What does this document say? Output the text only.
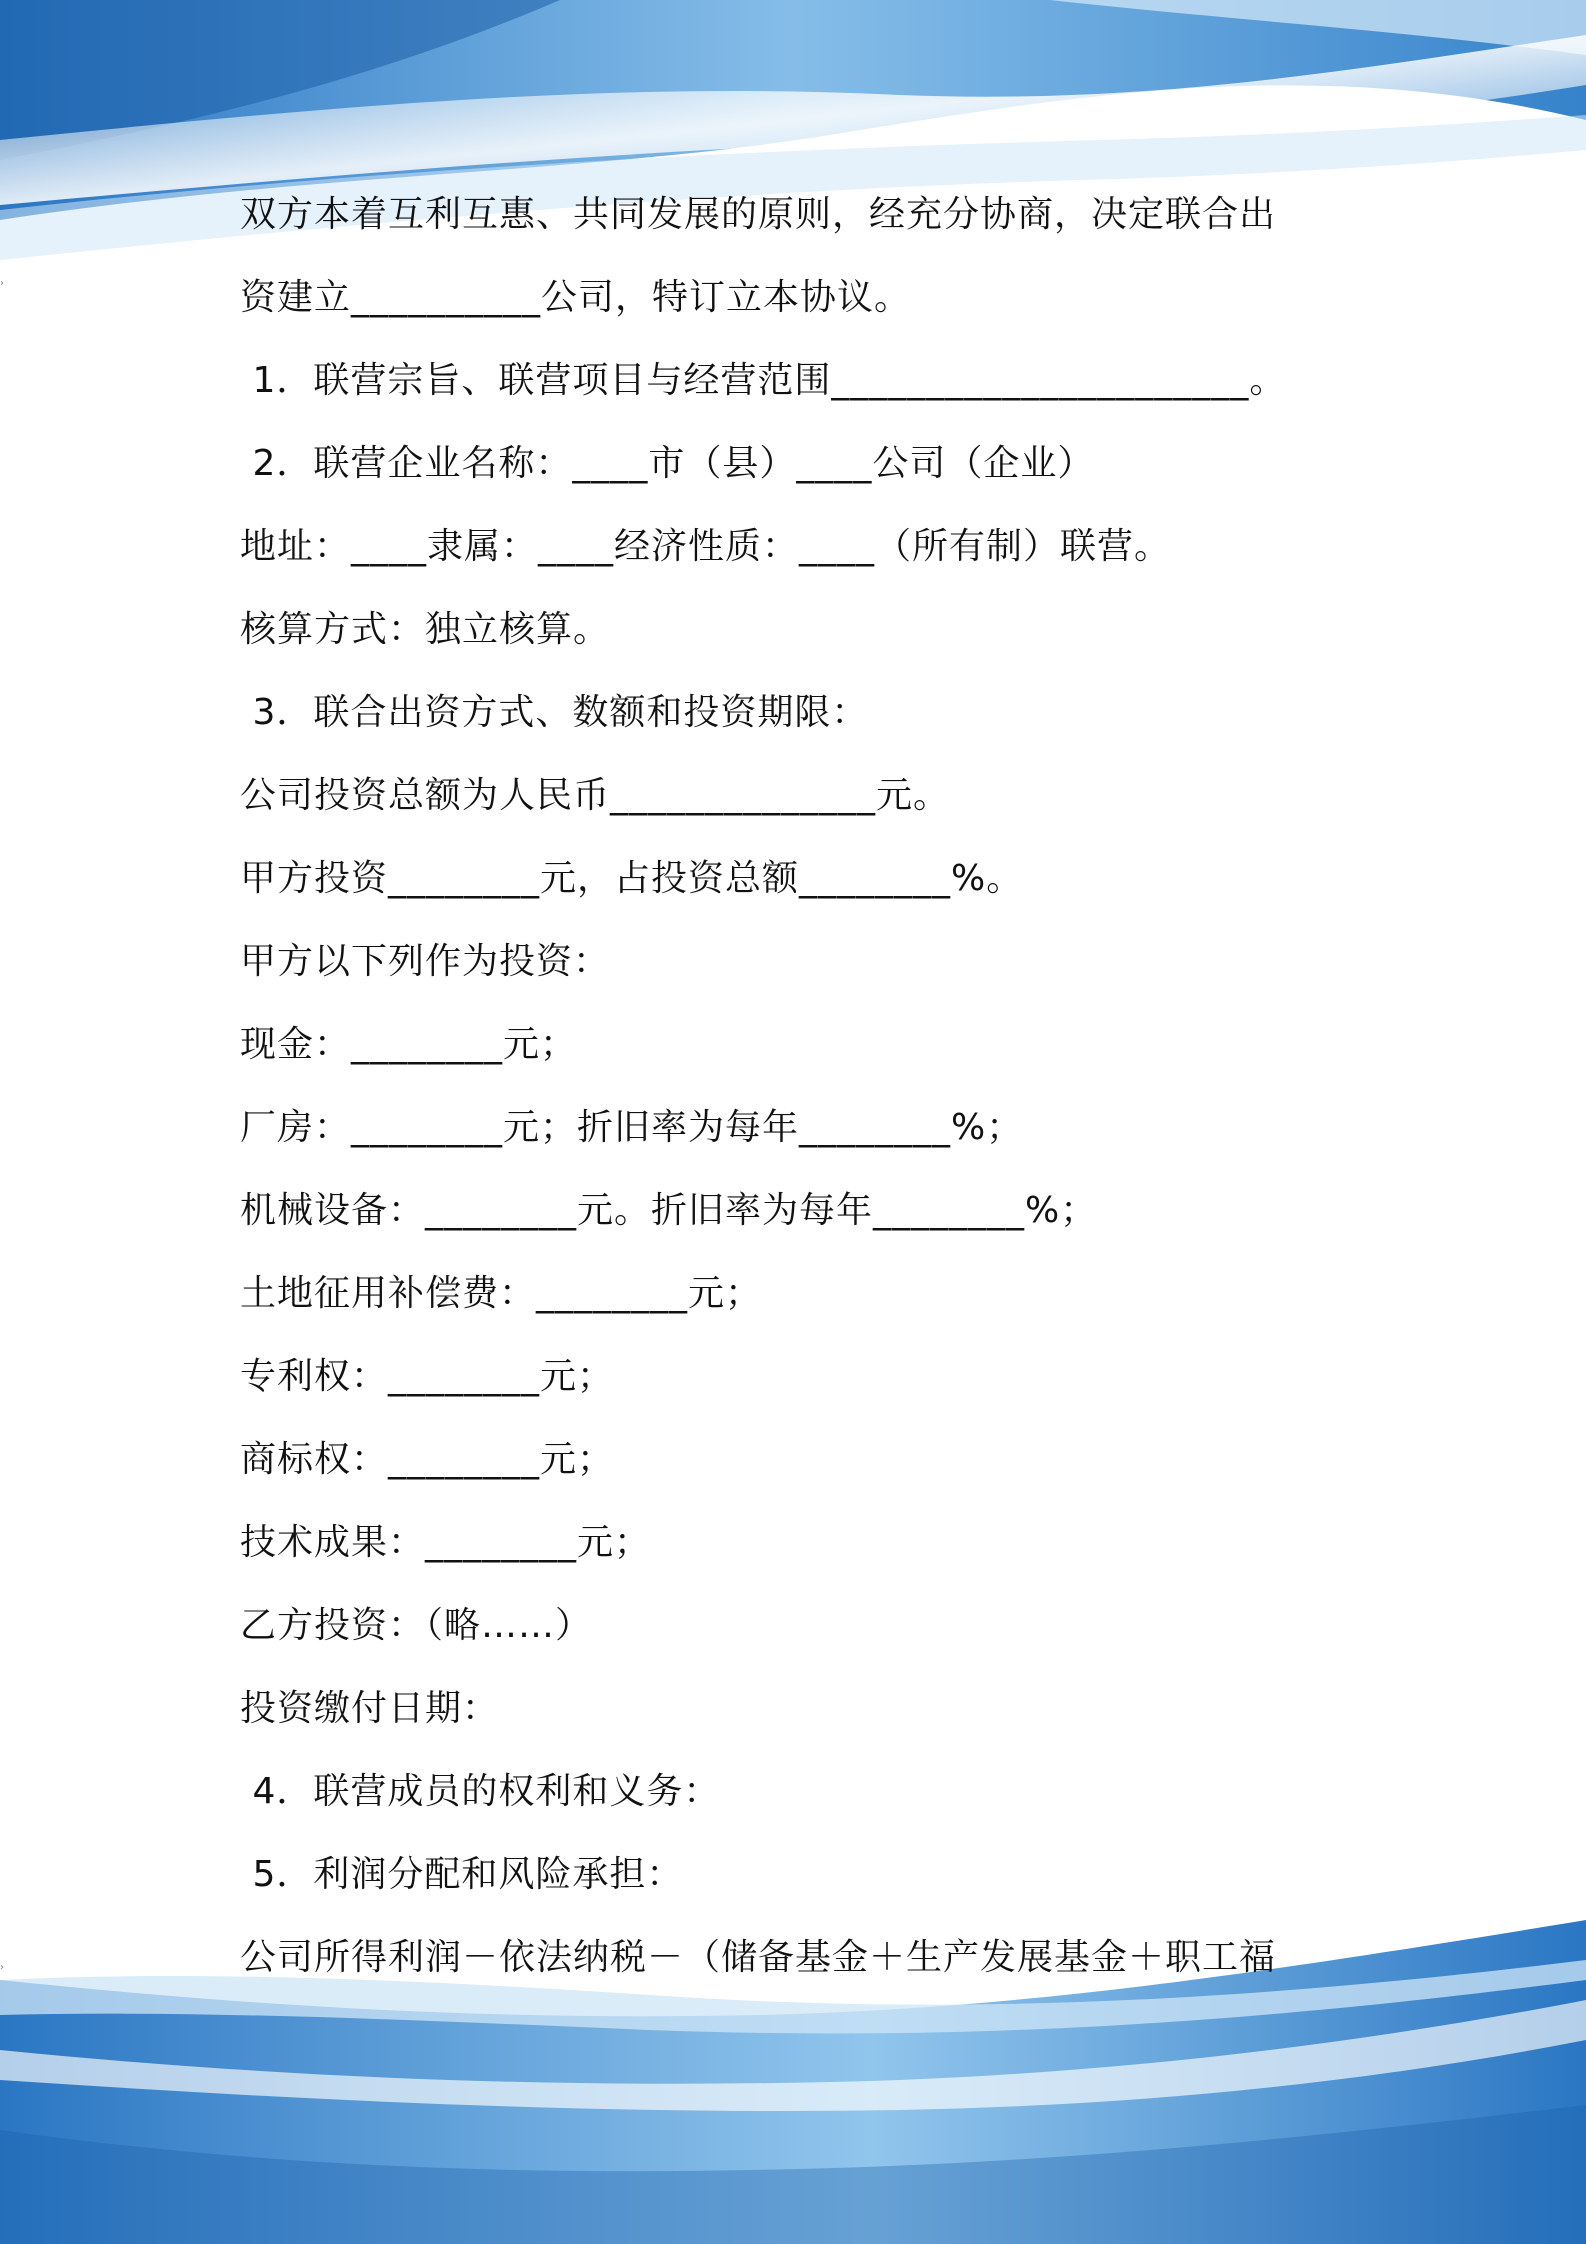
›
›
双方本着互利互惠、共同发展的原则，经充分协商，决定联合出
资建立__________公司，特订立本协议。
1．联营宗旨、联营项目与经营范围______________________。
2．联营企业名称：____市（县）____公司（企业）
地址：____隶属：____经济性质：____（所有制）联营。
核算方式：独立核算。
3．联合出资方式、数额和投资期限：
公司投资总额为人民币______________元。
甲方投资________元，占投资总额________%。
甲方以下列作为投资：
现金：________元；
厂房：________元；折旧率为每年________%；
机械设备：________元。折旧率为每年________%；
土地征用补偿费：________元；
专利权：________元；
商标权：________元；
技术成果：________元；
乙方投资：（略……）
投资缴付日期：
4．联营成员的权利和义务：
5．利润分配和风险承担：
公司所得利润－依法纳税－（储备基金＋生产发展基金＋职工福
